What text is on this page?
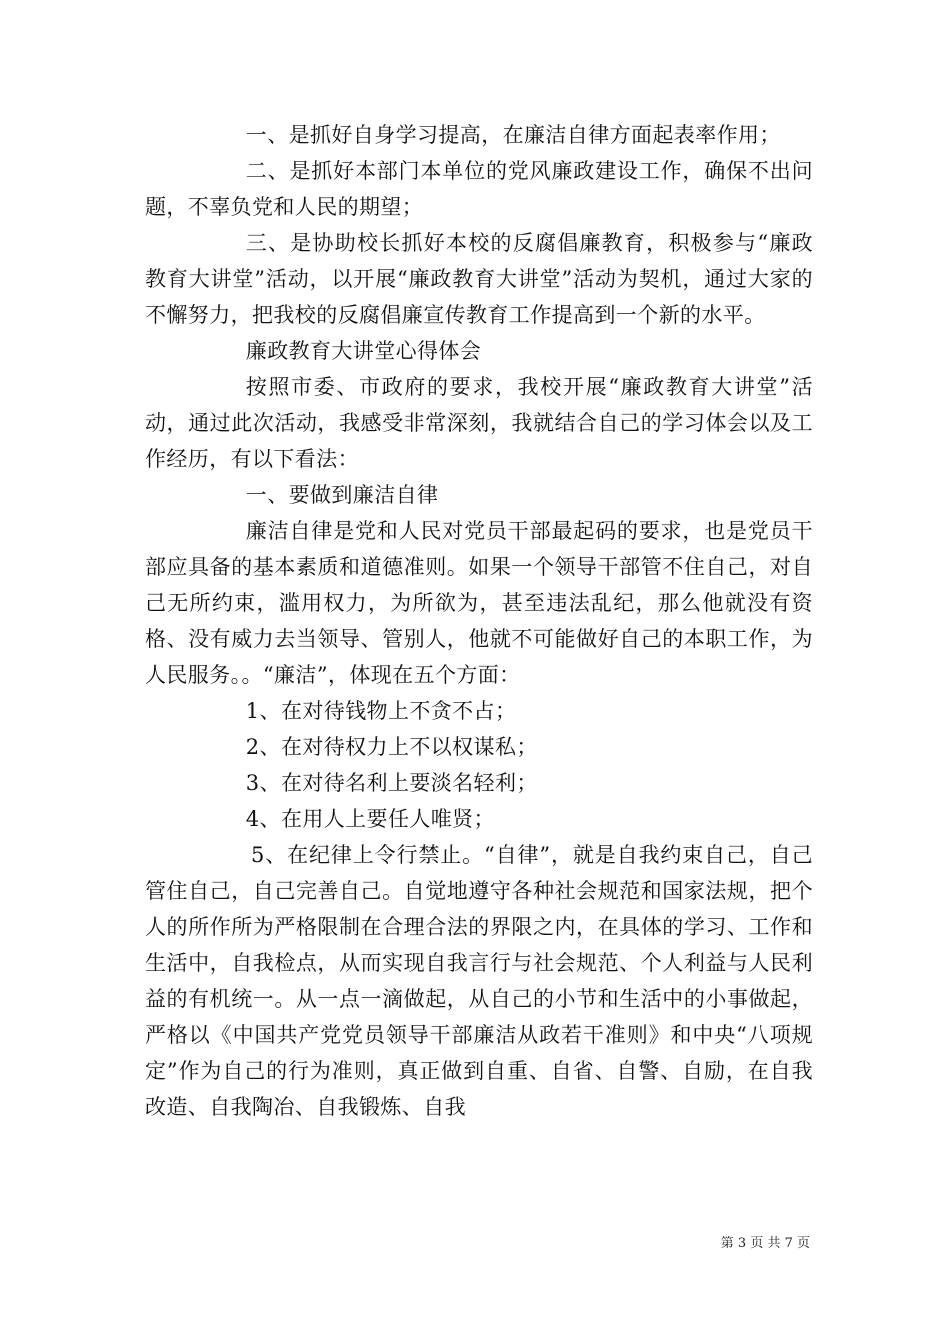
一、是抓好自身学习提高，在廉洁自律方面起表率作用；

二、是抓好本部门本单位的党风廉政建设工作，确保不出问题，不辜负党和人民的期望；

三、是协助校长抓好本校的反腐倡廉教育，积极参与“廉政教育大讲堂”活动，以开展“廉政教育大讲堂”活动为契机，通过大家的不懈努力，把我校的反腐倡廉宣传教育工作提高到一个新的水平。

廉政教育大讲堂心得体会

按照市委、市政府的要求，我校开展“廉政教育大讲堂”活动，通过此次活动，我感受非常深刻，我就结合自己的学习体会以及工作经历，有以下看法：

一、要做到廉洁自律

廉洁自律是党和人民对党员干部最起码的要求，也是党员干部应具备的基本素质和道德准则。如果一个领导干部管不住自己，对自己无所约束，滥用权力，为所欲为，甚至违法乱纪，那么他就没有资格、没有威力去当领导、管别人，他就不可能做好自己的本职工作，为人民服务。。“廉洁”，体现在五个方面：

1、在对待钱物上不贪不占；

2、在对待权力上不以权谋私；

3、在对待名利上要淡名轻利；

4、在用人上要任人唯贤；

5、在纪律上令行禁止。“自律”，就是自我约束自己，自己管住自己，自己完善自己。自觉地遵守各种社会规范和国家法规，把个人的所作所为严格限制在合理合法的界限之内，在具体的学习、工作和生活中，自我检点，从而实现自我言行与社会规范、个人利益与人民利益的有机统一。从一点一滴做起，从自己的小节和生活中的小事做起，严格以《中国共产党党员领导干部廉洁从政若干准则》和中央“八项规定”作为自己的行为准则，真正做到自重、自省、自警、自励，在自我改造、自我陶冶、自我锻炼、自我

第 3 页 共 7 页
